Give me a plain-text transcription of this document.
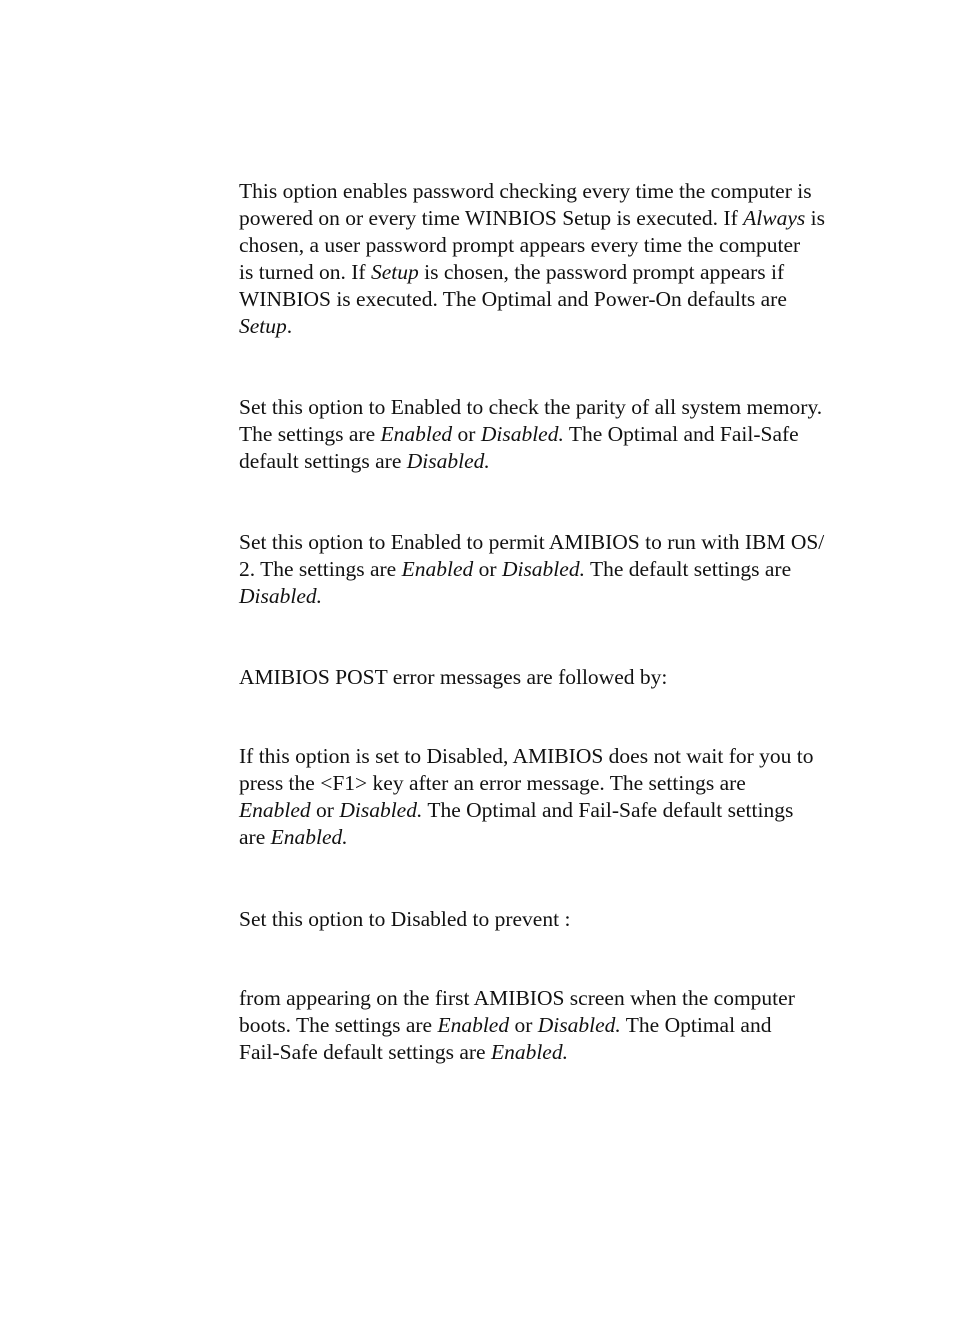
This option enables password checking every time the computer is
powered on or every time WINBIOS Setup is executed. If Always is
chosen, a user password prompt appears every time the computer
is turned on. If Setup is chosen, the password prompt appears if
WINBIOS is executed. The Optimal and Power-On defaults are
Setup.

Set this option to Enabled to check the parity of all system memory.
The settings are Enabled or Disabled. The Optimal and Fail-Safe
default settings are Disabled.

Set this option to Enabled to permit AMIBIOS to run with IBM OS/
2. The settings are Enabled or Disabled. The default settings are
Disabled.

AMIBIOS POST error messages are followed by:

If this option is set to Disabled, AMIBIOS does not wait for you to
press the <F1> key after an error message. The settings are
Enabled or Disabled. The Optimal and Fail-Safe default settings
are Enabled.

Set this option to Disabled to prevent :

from appearing on the first AMIBIOS screen when the computer
boots. The settings are Enabled or Disabled. The Optimal and
Fail-Safe default settings are Enabled.
